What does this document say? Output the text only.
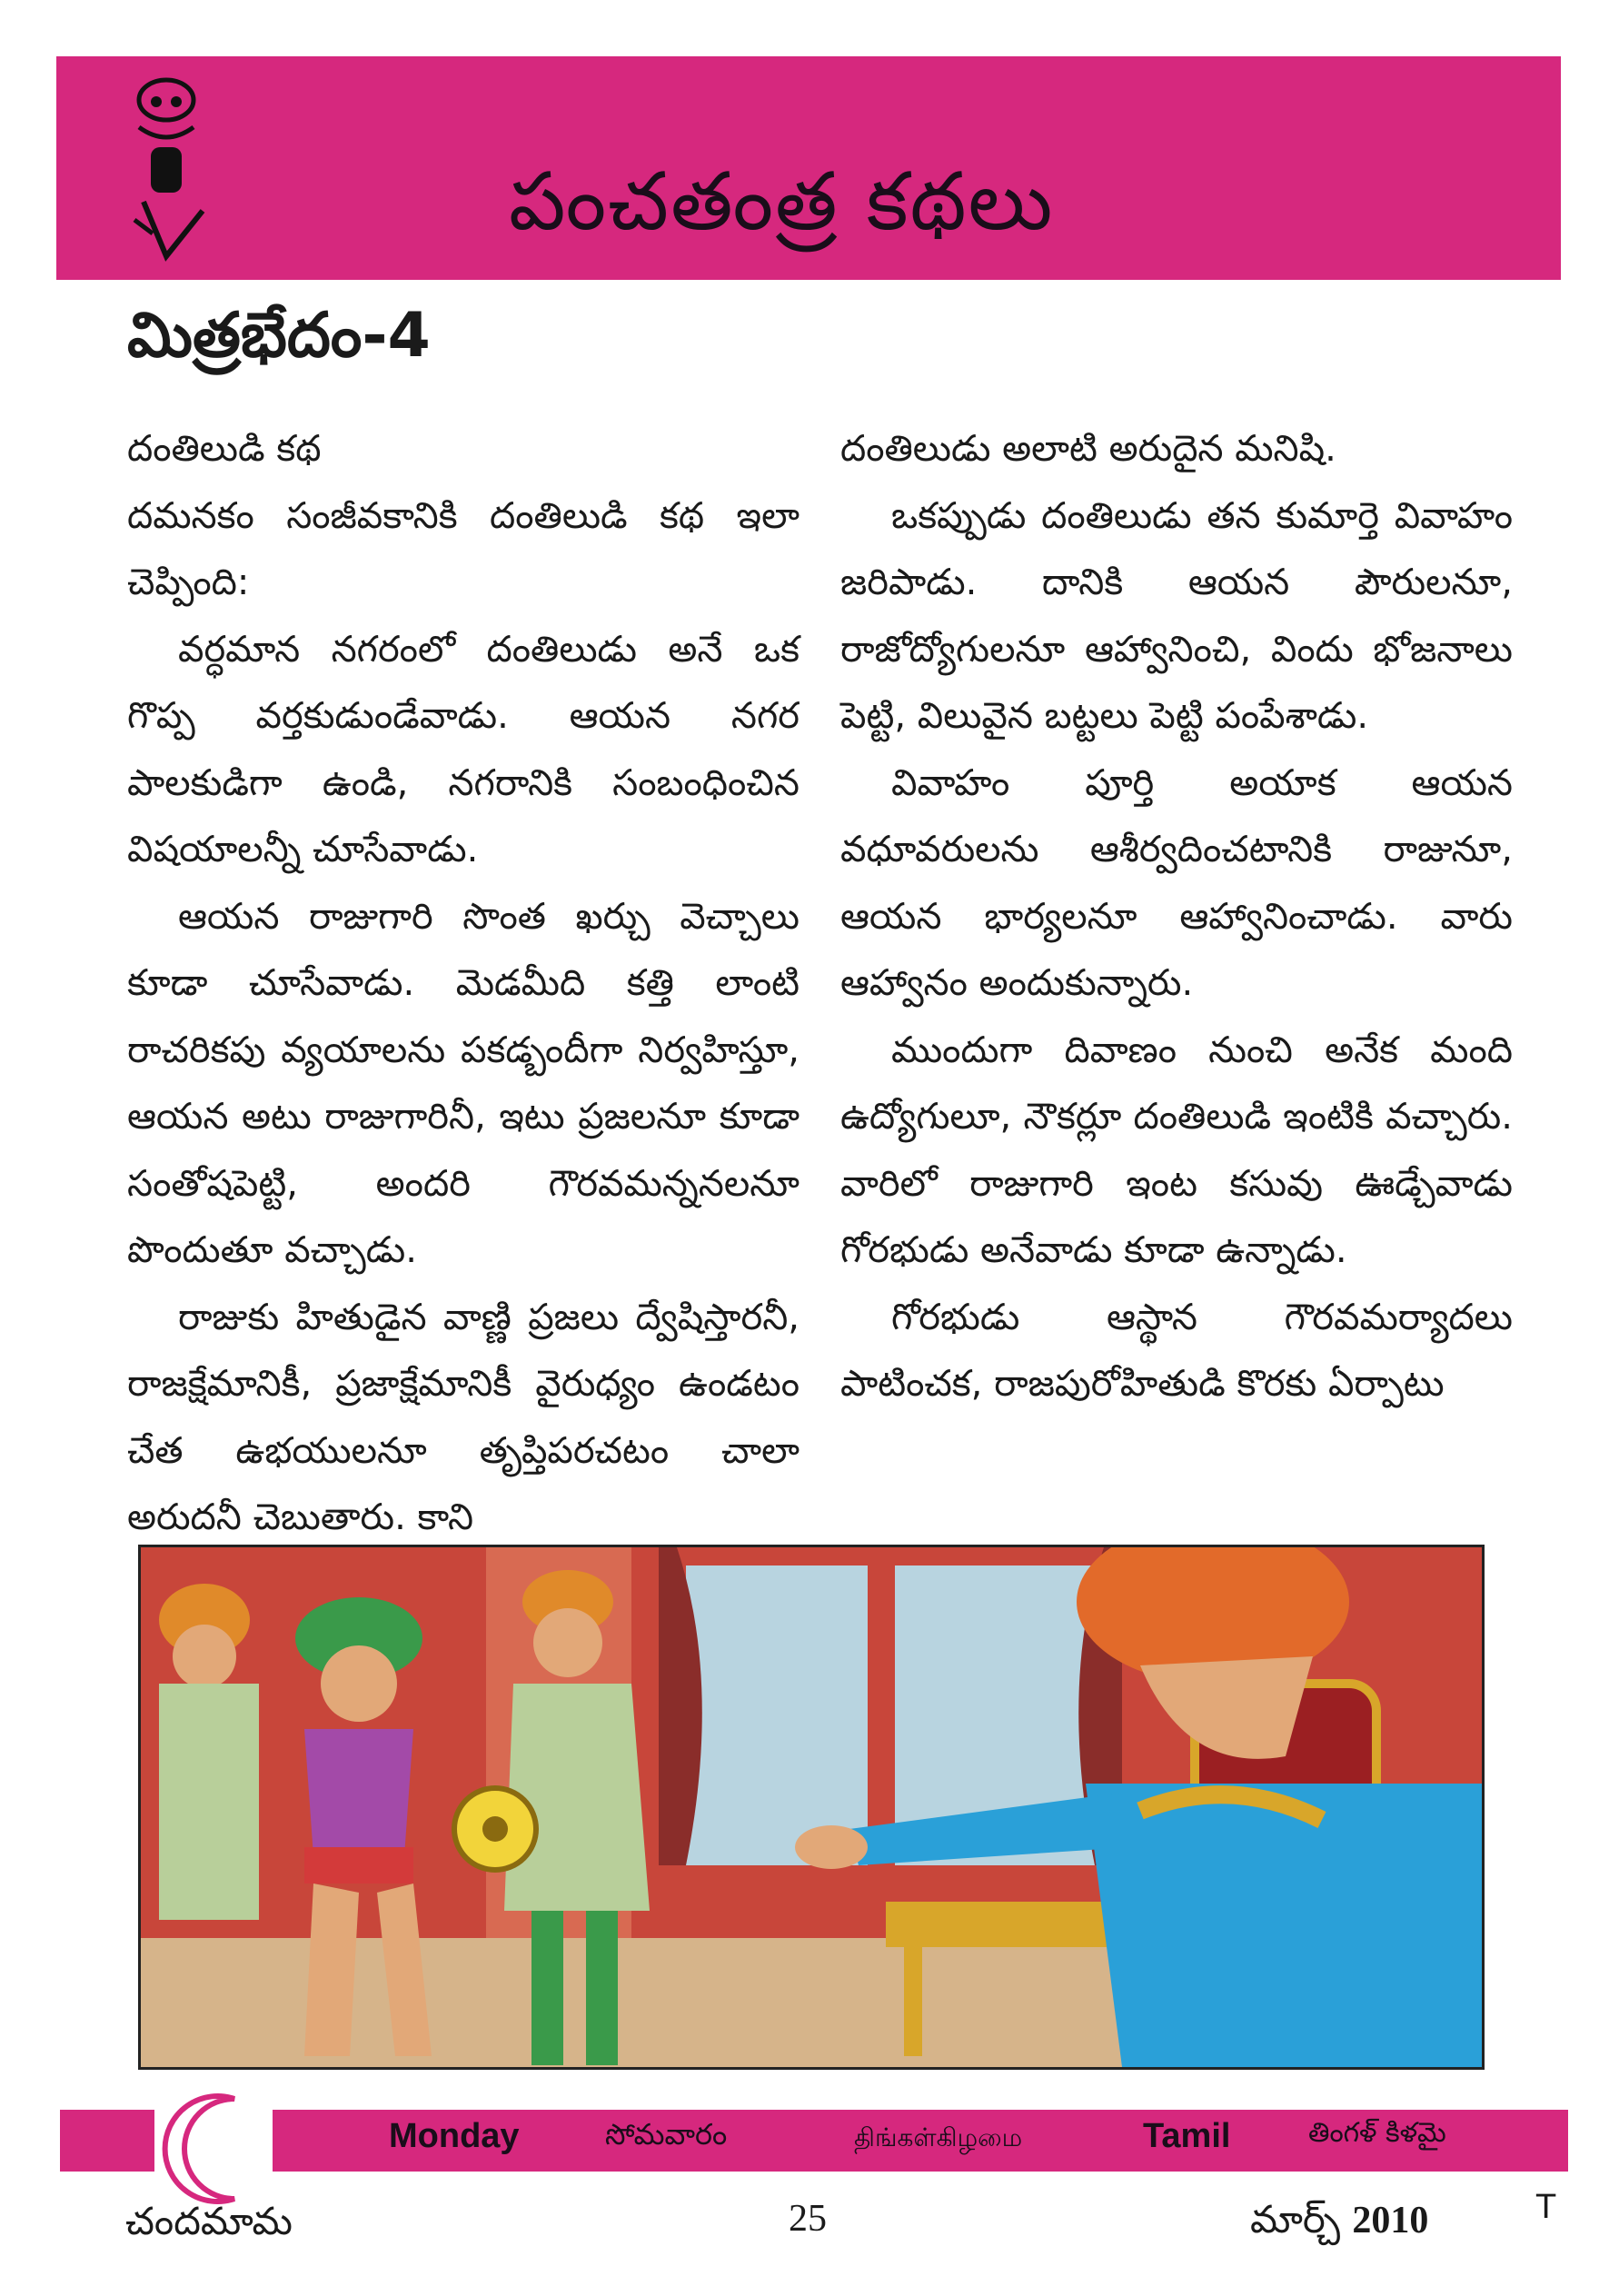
పంచతంత్ర కథలు
మిత్రభేదం-4

దంతిలుడి కథ

దమనకం సంజీవకానికి దంతిలుడి కథ ఇలా చెప్పింది:

వర్ధమాన నగరంలో దంతిలుడు అనే ఒక గొప్ప వర్తకుడుండేవాడు. ఆయన నగర పాలకుడిగా ఉండి, నగరానికి సంబంధించిన విషయాలన్నీ చూసేవాడు.

ఆయన రాజుగారి సొంత ఖర్చు వెచ్చాలు కూడా చూసేవాడు. మెడమీది కత్తి లాంటి రాచరికపు వ్యయాలను పకడ్బందీగా నిర్వహిస్తూ, ఆయన అటు రాజుగారినీ, ఇటు ప్రజలనూ కూడా సంతోషపెట్టి, అందరి గౌరవమన్ననలనూ పొందుతూ వచ్చాడు.

రాజుకు హితుడైన వాణ్ణి ప్రజలు ద్వేషిస్తారనీ, రాజక్షేమానికీ, ప్రజాక్షేమానికీ వైరుధ్యం ఉండటం చేత ఉభయులనూ తృప్తిపరచటం చాలా అరుదనీ చెబుతారు. కాని

దంతిలుడు అలాటి అరుదైన మనిషి.

ఒకప్పుడు దంతిలుడు తన కుమార్తె వివాహం జరిపాడు. దానికి ఆయన పౌరులనూ, రాజోద్యోగులనూ ఆహ్వానించి, విందు భోజనాలు పెట్టి, విలువైన బట్టలు పెట్టి పంపేశాడు.

వివాహం పూర్తి అయాక ఆయన వధూవరులను ఆశీర్వదించటానికి రాజునూ, ఆయన భార్యలనూ ఆహ్వానించాడు. వారు ఆహ్వానం అందుకున్నారు.

ముందుగా దివాణం నుంచి అనేక మంది ఉద్యోగులూ, నౌకర్లూ దంతిలుడి ఇంటికి వచ్చారు. వారిలో రాజుగారి ఇంట కసువు ఊడ్చేవాడు గోరభుడు అనేవాడు కూడా ఉన్నాడు.

గోరభుడు ఆస్థాన గౌరవమర్యాదలు పాటించక, రాజపురోహితుడి కొరకు ఏర్పాటు

Monday	సోమవారం	திங்கள்கிழமை	Tamil	తింగళ్ కిళమై
చందమామ	25	మార్చ్ 2010	T
